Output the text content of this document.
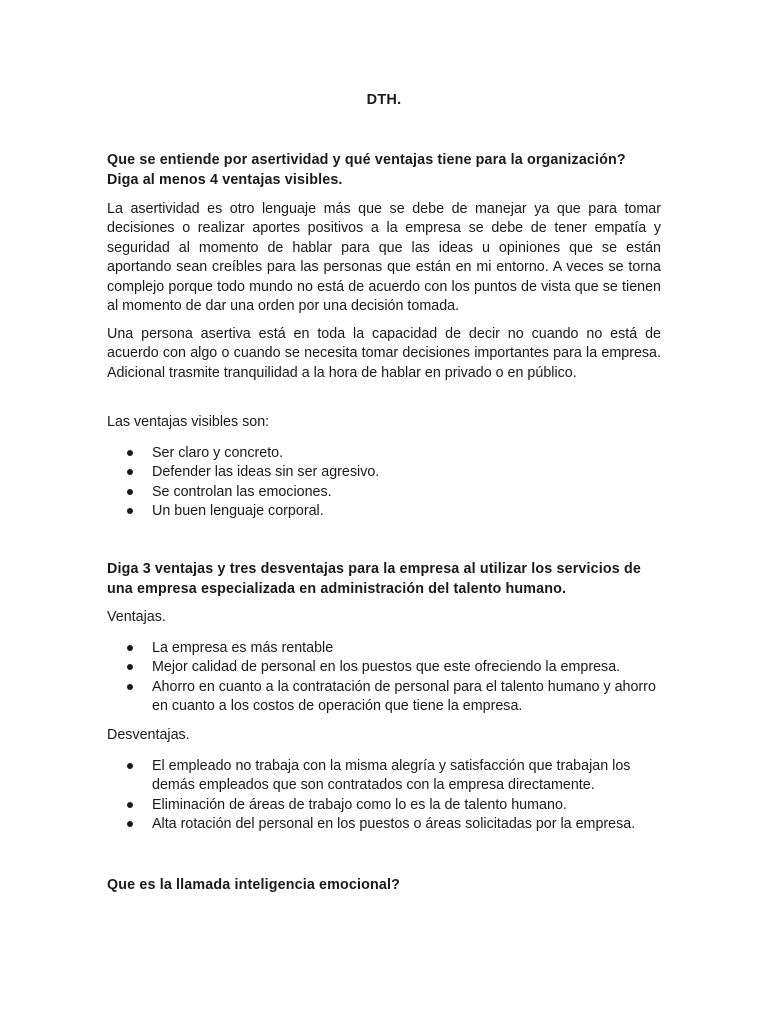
DTH.
Que se entiende por asertividad y qué ventajas tiene para la organización? Diga al menos 4 ventajas visibles.

La asertividad es otro lenguaje más que se debe de manejar ya que para tomar decisiones o realizar aportes positivos a la empresa se debe de tener empatía y seguridad al momento de hablar para que las ideas u opiniones que se están aportando sean creíbles para las personas que están en mi entorno. A veces se torna complejo porque todo mundo no está de acuerdo con los puntos de vista que se tienen al momento de dar una orden por una decisión tomada.

Una persona asertiva está en toda la capacidad de decir no cuando no está de acuerdo con algo o cuando se necesita tomar decisiones importantes para la empresa. Adicional trasmite tranquilidad a la hora de hablar en privado o en público.

Las ventajas visibles son:
Ser claro y concreto.
Defender las ideas sin ser agresivo.
Se controlan las emociones.
Un buen lenguaje corporal.
Diga 3 ventajas y tres desventajas para la empresa al utilizar los servicios de una empresa especializada en administración del talento humano.
Ventajas.
La empresa es más rentable
Mejor calidad de personal en los puestos que este ofreciendo la empresa.
Ahorro en cuanto a la contratación de personal para el talento humano y ahorro en cuanto a los costos de operación que tiene la empresa.
Desventajas.
El empleado no trabaja con la misma alegría y satisfacción que trabajan los demás empleados que son contratados con la empresa directamente.
Eliminación de áreas de trabajo como lo es la de talento humano.
Alta rotación del personal en los puestos o áreas solicitadas por la empresa.
Que es la llamada inteligencia emocional?
